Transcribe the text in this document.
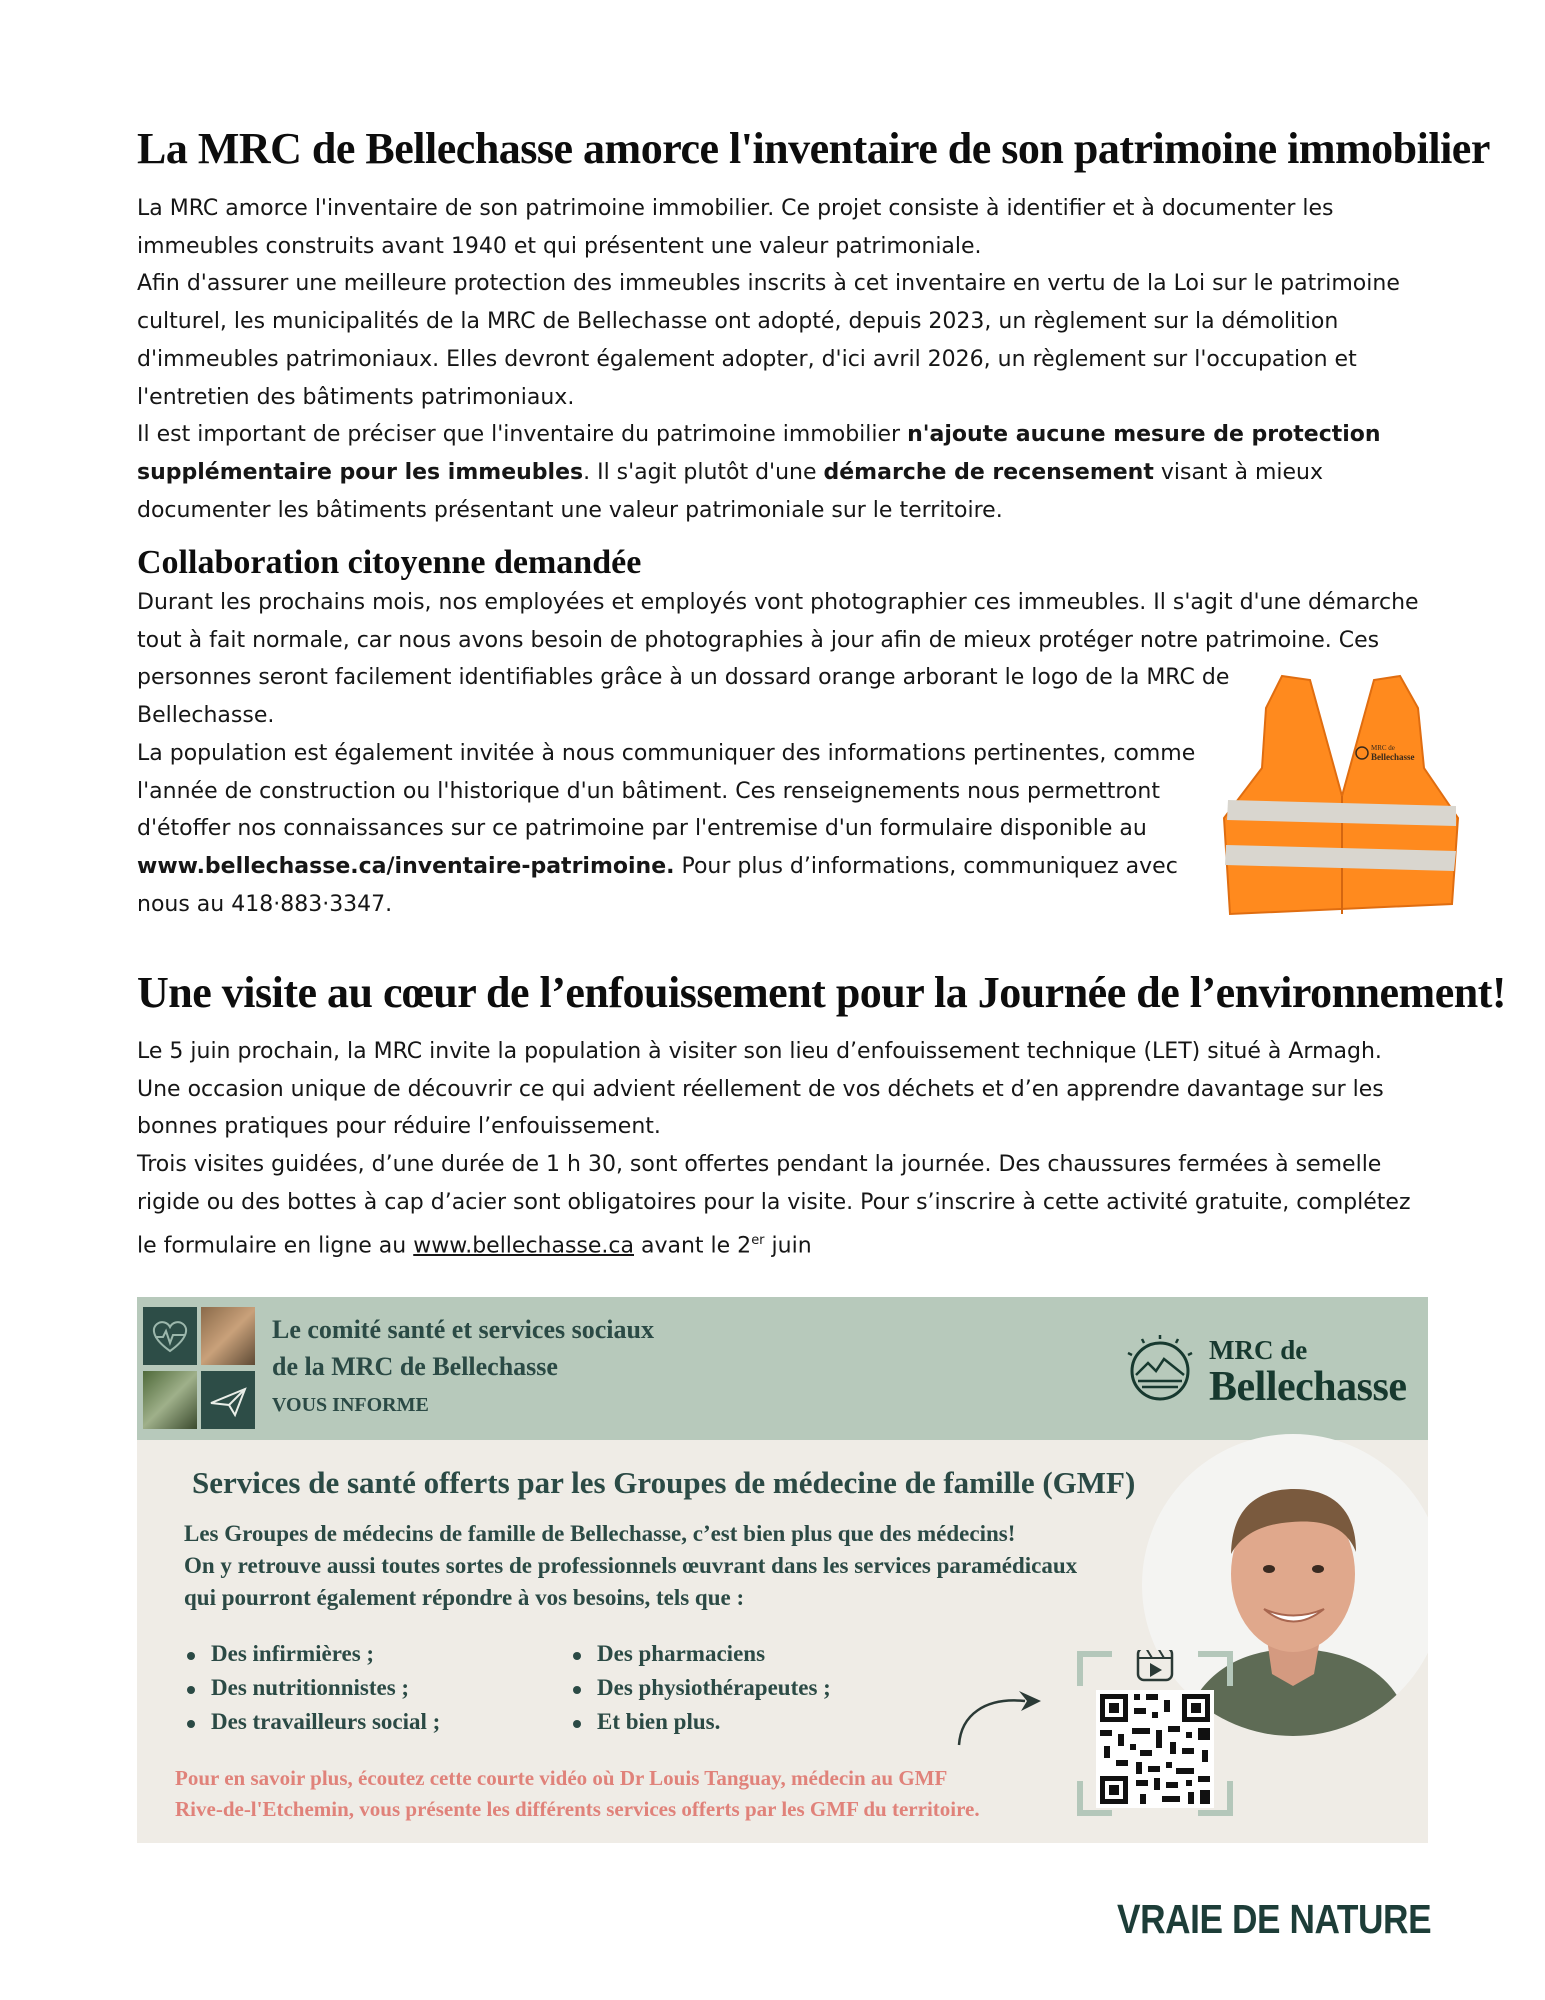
La MRC de Bellechasse amorce l'inventaire de son patrimoine immobilier

La MRC amorce l'inventaire de son patrimoine immobilier. Ce projet consiste à identifier et à documenter les immeubles construits avant 1940 et qui présentent une valeur patrimoniale.

Afin d'assurer une meilleure protection des immeubles inscrits à cet inventaire en vertu de la Loi sur le patrimoine culturel, les municipalités de la MRC de Bellechasse ont adopté, depuis 2023, un règlement sur la démolition d'immeubles patrimoniaux. Elles devront également adopter, d'ici avril 2026, un règlement sur l'occupation et l'entretien des bâtiments patrimoniaux.

Il est important de préciser que l'inventaire du patrimoine immobilier n'ajoute aucune mesure de protection supplémentaire pour les immeubles. Il s'agit plutôt d'une démarche de recensement visant à mieux documenter les bâtiments présentant une valeur patrimoniale sur le territoire.

Collaboration citoyenne demandée
Durant les prochains mois, nos employées et employés vont photographier ces immeubles. Il s'agit d'une démarche
tout à fait normale, car nous avons besoin de photographies à jour afin de mieux protéger notre patrimoine. Ces
personnes seront facilement identifiables grâce à un dossard orange arborant le logo de la MRC de
Bellechasse.
La population est également invitée à nous communiquer des informations pertinentes, comme
l'année de construction ou l'historique d'un bâtiment. Ces renseignements nous permettront
d'étoffer nos connaissances sur ce patrimoine par l'entremise d'un formulaire disponible au
www.bellechasse.ca/inventaire-patrimoine. Pour plus d’informations, communiquez avec
nous au 418·883·3347.
MRC de
Bellechasse
Une visite au cœur de l’enfouissement pour la Journée de l’environnement!

Le 5 juin prochain, la MRC invite la population à visiter son lieu d’enfouissement technique (LET) situé à Armagh. Une occasion unique de découvrir ce qui advient réellement de vos déchets et d’en apprendre davantage sur les bonnes pratiques pour réduire l’enfouissement.

Trois visites guidées, d’une durée de 1 h 30, sont offertes pendant la journée. Des chaussures fermées à semelle rigide ou des bottes à cap d’acier sont obligatoires pour la visite. Pour s’inscrire à cette activité gratuite, complétez le formulaire en ligne au www.bellechasse.ca avant le 2er juin

Le comité santé et services sociaux
de la MRC de Bellechasse
VOUS INFORME
MRC de
Bellechasse
Services de santé offerts par les Groupes de médecine de famille (GMF)
Les Groupes de médecins de famille de Bellechasse, c’est bien plus que des médecins!
On y retrouve aussi toutes sortes de professionnels œuvrant dans les services paramédicaux
qui pourront également répondre à vos besoins, tels que :
Des infirmières ;
Des nutritionnistes ;
Des travailleurs social ;
Des pharmaciens
Des physiothérapeutes ;
Et bien plus.
Pour en savoir plus, écoutez cette courte vidéo où Dr Louis Tanguay, médecin au GMF
Rive-de-l'Etchemin, vous présente les différents services offerts par les GMF du territoire.
VRAIE DE NATURE
